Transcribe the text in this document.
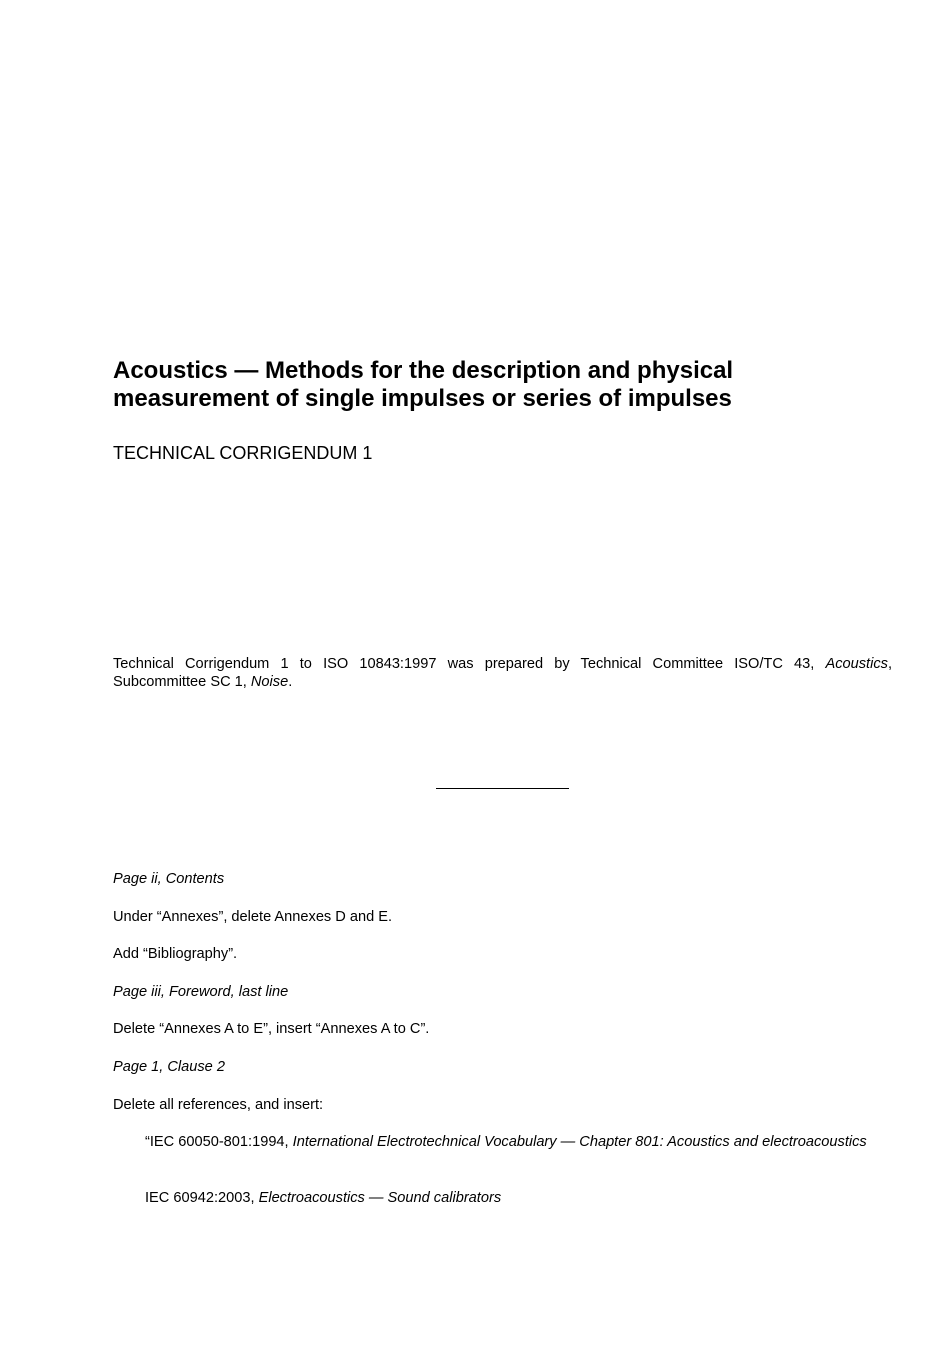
Acoustics — Methods for the description and physical
measurement of single impulses or series of impulses

TECHNICAL CORRIGENDUM 1

Technical Corrigendum 1 to ISO 10843:1997 was prepared by Technical Committee ISO/TC 43, Acoustics, Subcommittee SC 1, Noise.

Page ii, Contents

Under “Annexes”, delete Annexes D and E.

Add “Bibliography”.

Page iii, Foreword, last line

Delete “Annexes A to E”, insert “Annexes A to C”.

Page 1, Clause 2

Delete all references, and insert:

“IEC 60050-801:1994, International Electrotechnical Vocabulary — Chapter 801: Acoustics and electroacoustics

IEC 60942:2003, Electroacoustics — Sound calibrators
